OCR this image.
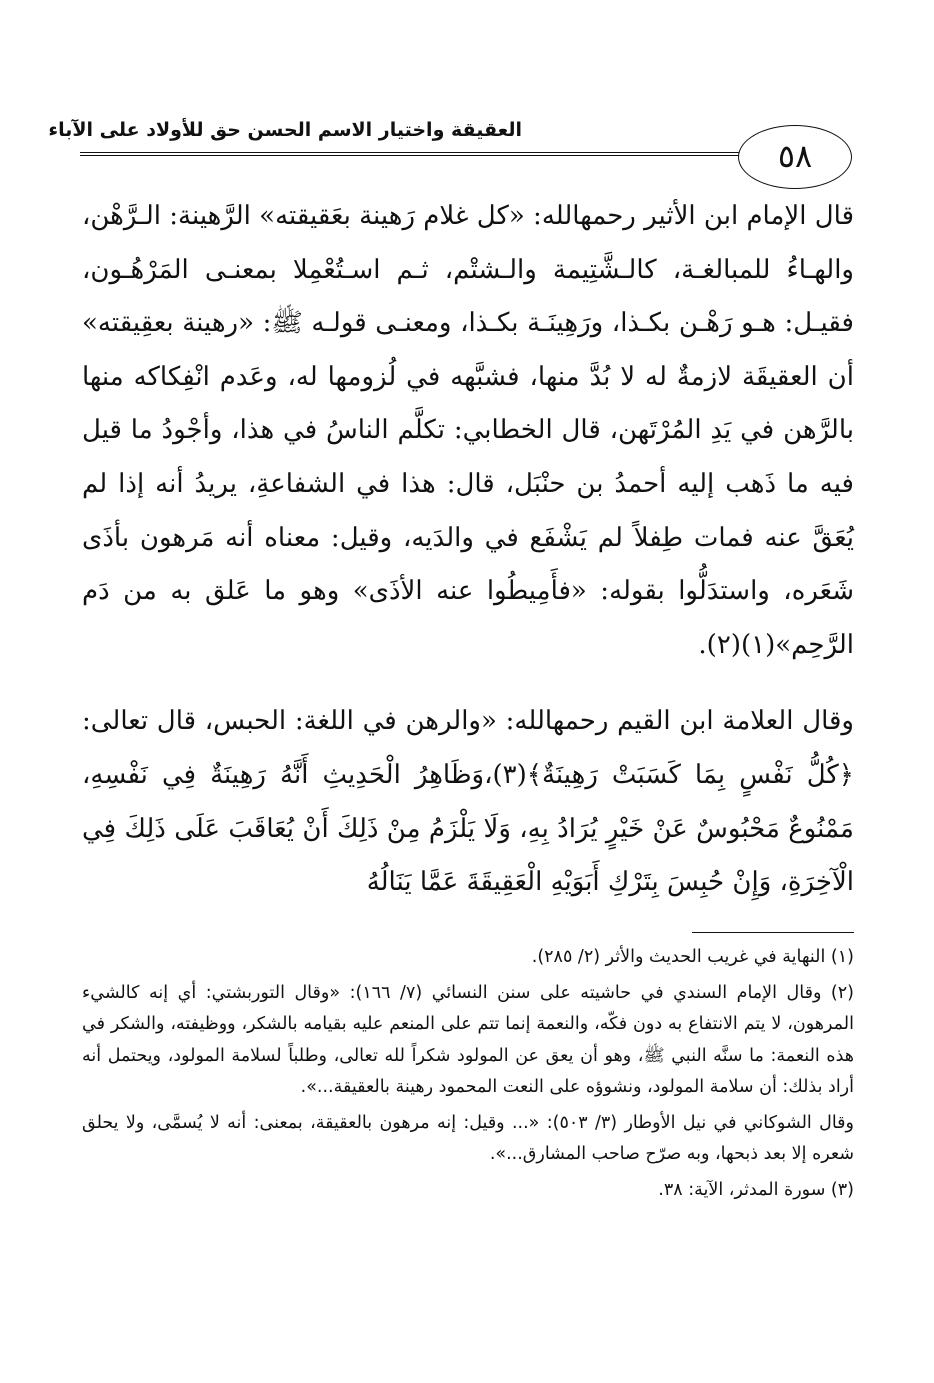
العقيقة واختيار الاسم الحسن حق للأولاد على الآباء
٥٨

قال الإمام ابن الأثير رحمهالله: «كل غلام رَهينة بعَقيقته» الرَّهينة: الـرَّهْن، والهـاءُ للمبالغـة، كالـشَّتِيمة والـشتْم، ثـم اسـتُعْمِلا بمعنـى المَرْهُـون، فقيـل: هـو رَهْـن بكـذا، ورَهِينَـة بكـذا، ومعنـى قولـه ﷺ: «رهينة بعقِيقته» أن العقيقَة لازمةٌ له لا بُدَّ منها، فشبَّهه في لُزومها له، وعَدم انْفِكاكه منها بالرَّهن في يَدِ المُرْتَهن، قال الخطابي: تكلَّم الناسُ في هذا، وأجْودُ ما قيل فيه ما ذَهب إليه أحمدُ بن حنْبَل، قال: هذا في الشفاعةِ، يريدُ أنه إذا لم يُعَقَّ عنه فمات طِفلاً لم يَشْفَع في والدَيه، وقيل: معناه أنه مَرهون بأذَى شَعَره، واستدَلُّوا بقوله: «فأَمِيطُوا عنه الأذَى» وهو ما عَلق به من دَم الرَّحِم»(١)(٢).

وقال العلامة ابن القيم رحمهالله: «والرهن في اللغة: الحبس، قال تعالى: ﴿كُلُّ نَفْسٍ بِمَا كَسَبَتْ رَهِينَةٌ﴾(٣)،وَظَاهِرُ الْحَدِيثِ أَنَّهُ رَهِينَةٌ فِي نَفْسِهِ، مَمْنُوعٌ مَحْبُوسٌ عَنْ خَيْرٍ يُرَادُ بِهِ، وَلَا يَلْزَمُ مِنْ ذَلِكَ أَنْ يُعَاقَبَ عَلَى ذَلِكَ فِي الْآخِرَةِ، وَإِنْ حُبِسَ بِتَرْكِ أَبَوَيْهِ الْعَقِيقَةَ عَمَّا يَنَالُهُ

(١) النهاية في غريب الحديث والأثر (٢/ ٢٨٥).

(٢) وقال الإمام السندي في حاشيته على سنن النسائي (٧/ ١٦٦): «وقال التوربشتي: أي إنه كالشيء المرهون، لا يتم الانتفاع به دون فكّه، والنعمة إنما تتم على المنعم عليه بقيامه بالشكر، ووظيفته، والشكر في هذه النعمة: ما سنَّه النبي ﷺ، وهو أن يعق عن المولود شكراً لله تعالى، وطلباً لسلامة المولود، ويحتمل أنه أراد بذلك: أن سلامة المولود، ونشوؤه على النعت المحمود رهينة بالعقيقة...».

وقال الشوكاني في نيل الأوطار (٣/ ٥٠٣): «... وقيل: إنه مرهون بالعقيقة، بمعنى: أنه لا يُسمَّى، ولا يحلق شعره إلا بعد ذبحها، وبه صرّح صاحب المشارق...».

(٣) سورة المدثر، الآية: ٣٨.
